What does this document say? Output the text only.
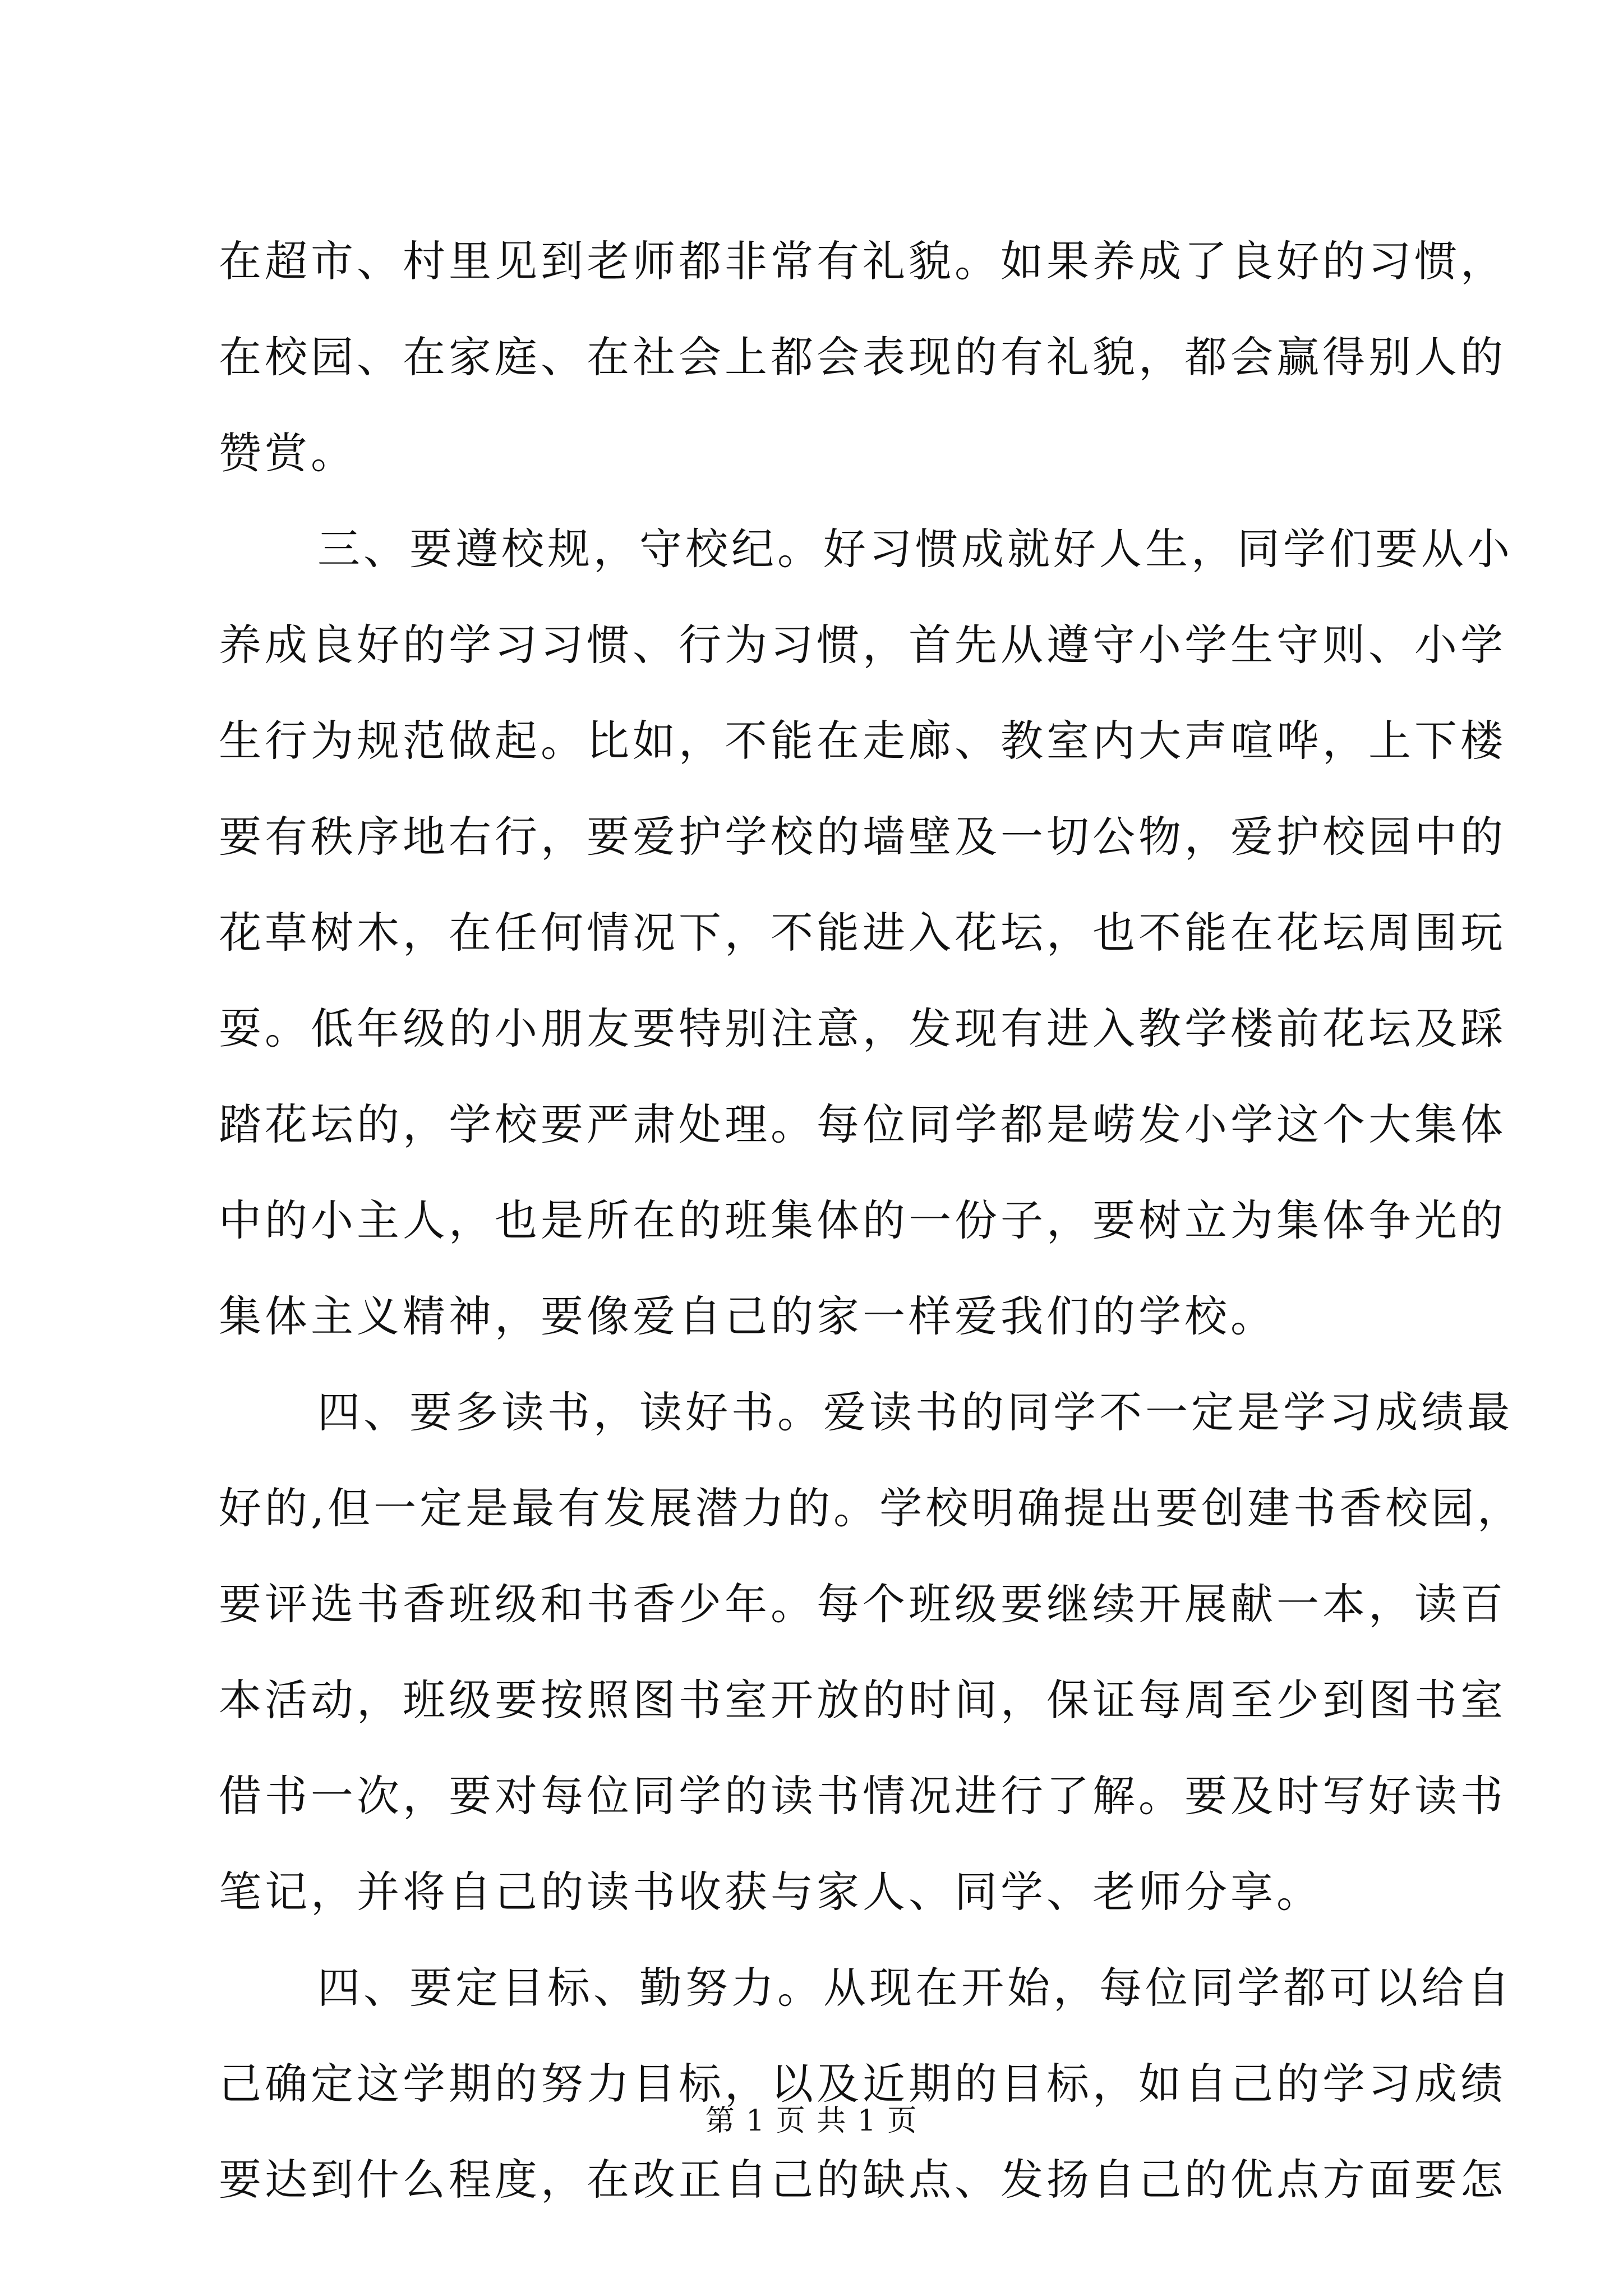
在超市、村里见到老师都非常有礼貌。如果养成了良好的习惯，
在校园、在家庭、在社会上都会表现的有礼貌，都会赢得别人的
赞赏。
三、要遵校规，守校纪。好习惯成就好人生，同学们要从小
养成良好的学习习惯、行为习惯，首先从遵守小学生守则、小学
生行为规范做起。比如，不能在走廊、教室内大声喧哗，上下楼
要有秩序地右行，要爱护学校的墙壁及一切公物，爱护校园中的
花草树木，在任何情况下，不能进入花坛，也不能在花坛周围玩
耍。低年级的小朋友要特别注意，发现有进入教学楼前花坛及踩
踏花坛的，学校要严肃处理。每位同学都是崂发小学这个大集体
中的小主人，也是所在的班集体的一份子，要树立为集体争光的
集体主义精神，要像爱自己的家一样爱我们的学校。
四、要多读书，读好书。爱读书的同学不一定是学习成绩最
好的,但一定是最有发展潜力的。学校明确提出要创建书香校园，
要评选书香班级和书香少年。每个班级要继续开展献一本，读百
本活动，班级要按照图书室开放的时间，保证每周至少到图书室
借书一次，要对每位同学的读书情况进行了解。要及时写好读书
笔记，并将自己的读书收获与家人、同学、老师分享。
四、要定目标、勤努力。从现在开始，每位同学都可以给自
己确定这学期的努力目标，以及近期的目标，如自己的学习成绩
要达到什么程度，在改正自己的缺点、发扬自己的优点方面要怎
第 1 页 共 1 页
